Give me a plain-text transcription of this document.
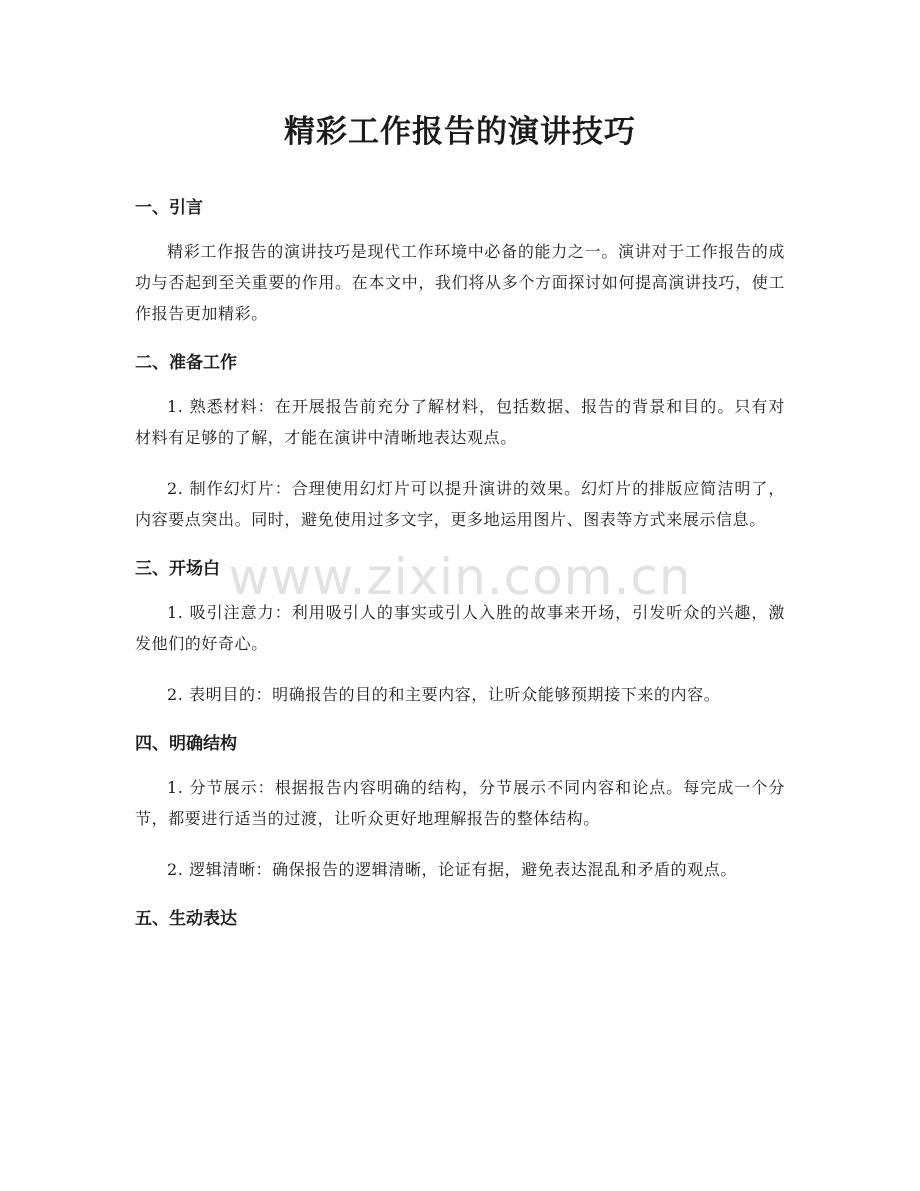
精彩工作报告的演讲技巧
一、引言

精彩工作报告的演讲技巧是现代工作环境中必备的能力之一。演讲对于工作报告的成功与否起到至关重要的作用。在本文中，我们将从多个方面探讨如何提高演讲技巧，使工作报告更加精彩。

二、准备工作

1. 熟悉材料：在开展报告前充分了解材料，包括数据、报告的背景和目的。只有对材料有足够的了解，才能在演讲中清晰地表达观点。

2. 制作幻灯片：合理使用幻灯片可以提升演讲的效果。幻灯片的排版应简洁明了，内容要点突出。同时，避免使用过多文字，更多地运用图片、图表等方式来展示信息。

三、开场白

1. 吸引注意力：利用吸引人的事实或引人入胜的故事来开场，引发听众的兴趣，激发他们的好奇心。

2. 表明目的：明确报告的目的和主要内容，让听众能够预期接下来的内容。

四、明确结构

1. 分节展示：根据报告内容明确的结构，分节展示不同内容和论点。每完成一个分节，都要进行适当的过渡，让听众更好地理解报告的整体结构。

2. 逻辑清晰：确保报告的逻辑清晰，论证有据，避免表达混乱和矛盾的观点。

五、生动表达
www.zixin.com.cn
